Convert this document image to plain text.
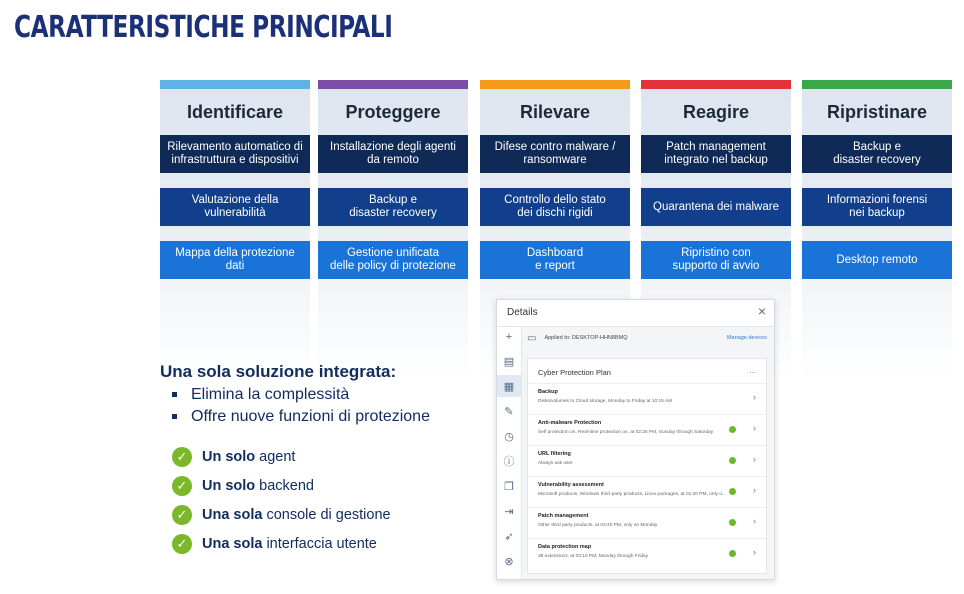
CARATTERISTICHE PRINCIPALI
Identificare
Rilevamento automatico di
infrastruttura e dispositivi
Valutazione della
vulnerabilità
Mappa della protezione
dati
Proteggere
Installazione degli agenti
da remoto
Backup e
disaster recovery
Gestione unificata
delle policy di protezione
Rilevare
Difese contro malware /
ransomware
Controllo dello stato
dei dischi rigidi
Dashboard
e report
Reagire
Patch management
integrato nel backup
Quarantena dei malware
Ripristino con
supporto di avvio
Ripristinare
Backup e
disaster recovery
Informazioni forensi
nei backup
Desktop remoto
Una sola soluzione integrata:
Elimina la complessità
Offre nuove funzioni di protezione
✓	Un solo agent
✓	Un solo backend
✓	Una sola console di gestione
✓	Una sola interfaccia utente
Details	×
+
▤
▦
✎
◷
ⓘ
❐
⇥
➶
⊗
▭ Applied to: DESKTOP-HHN8BMQ	Manage devices
Cyber Protection Plan	...
Backup
Disks/volumes to Cloud storage, Monday to Friday at 10:15 AM	›
Anti-malware Protection
Self protection on, Real-time protection on, at 02:25 PM, Sunday through Saturday	›
URL filtering
Always ask user	›
Vulnerability assessment
Microsoft products, Windows third-party products, Linux packages, at 01:20 PM, only o...	›
Patch management
Other third party products, at 03:40 PM, only on Monday	›
Data protection map
38 extensions, at 03:10 PM, Monday through Friday	›
